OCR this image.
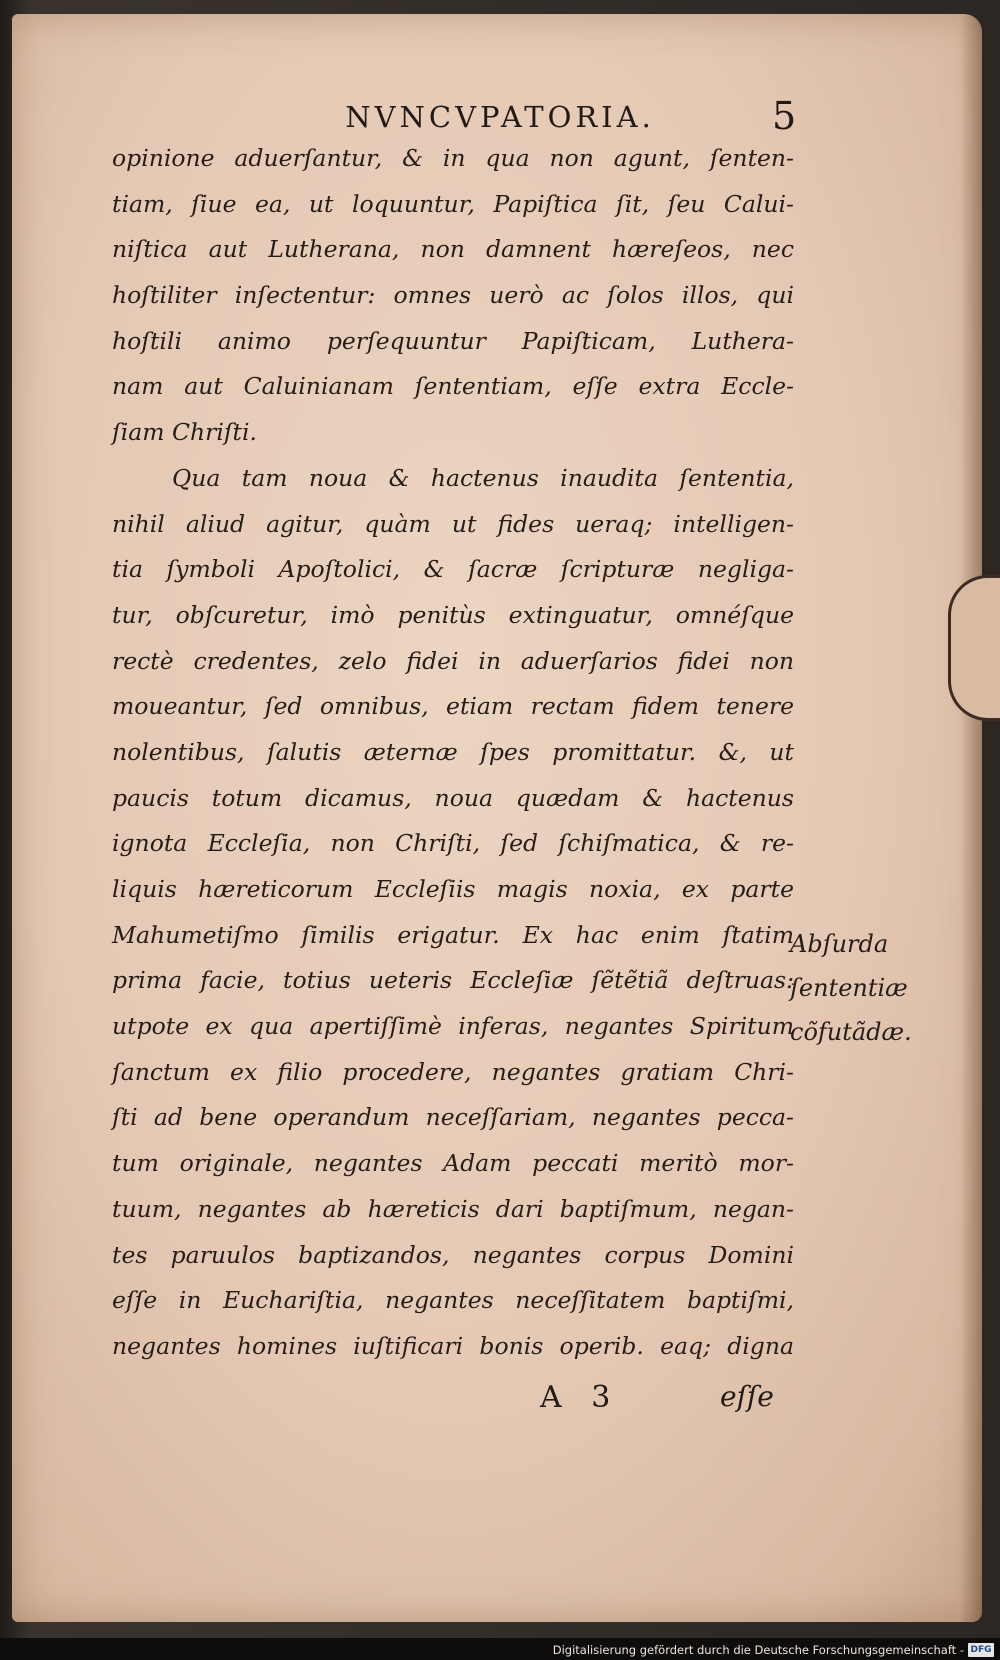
NVNCVPATORIA.	5
opinione aduerſantur, & in qua non agunt, ſenten-
tiam, ſiue ea, ut loquuntur, Papiſtica ſit, ſeu Calui-
niſtica aut Lutherana, non damnent hæreſeos, nec
hoſtiliter inſectentur: omnes uerò ac ſolos illos, qui
hoſtili animo perſequuntur Papiſticam, Luthera-
nam aut Caluinianam ſententiam, eſſe extra Eccle-
ſiam Chriſti.
Qua tam noua & hactenus inaudita ſententia,
nihil aliud agitur, quàm ut fides ueraq; intelligen-
tia ſymboli Apoſtolici, & ſacræ ſcripturæ negliga-
tur, obſcuretur, imò penitùs extinguatur, omnéſque
rectè credentes, zelo fidei in aduerſarios fidei non
moueantur, ſed omnibus, etiam rectam fidem tenere
nolentibus, ſalutis æternæ ſpes promittatur. &, ut
paucis totum dicamus, noua quædam & hactenus
ignota Eccleſia, non Chriſti, ſed ſchiſmatica, & re-
liquis hæreticorum Eccleſiis magis noxia, ex parte
Mahumetiſmo ſimilis erigatur. Ex hac enim ſtatim
prima facie, totius ueteris Eccleſiæ ſẽtẽtiã deſtruas:
utpote ex qua apertiſſimè inferas, negantes Spiritum
ſanctum ex filio procedere, negantes gratiam Chri-
ſti ad bene operandum neceſſariam, negantes pecca-
tum originale, negantes Adam peccati meritò mor-
tuum, negantes ab hæreticis dari baptiſmum, negan-
tes paruulos baptizandos, negantes corpus Domini
eſſe in Euchariſtia, negantes neceſſitatem baptiſmi,
negantes homines iuſtificari bonis operib. eaq; digna
Abſurda
ſententiæ
cõfutãdæ.
A 3	eſſe
Digitalisierung gefördert durch die Deutsche Forschungsgemeinschaft - DFG
